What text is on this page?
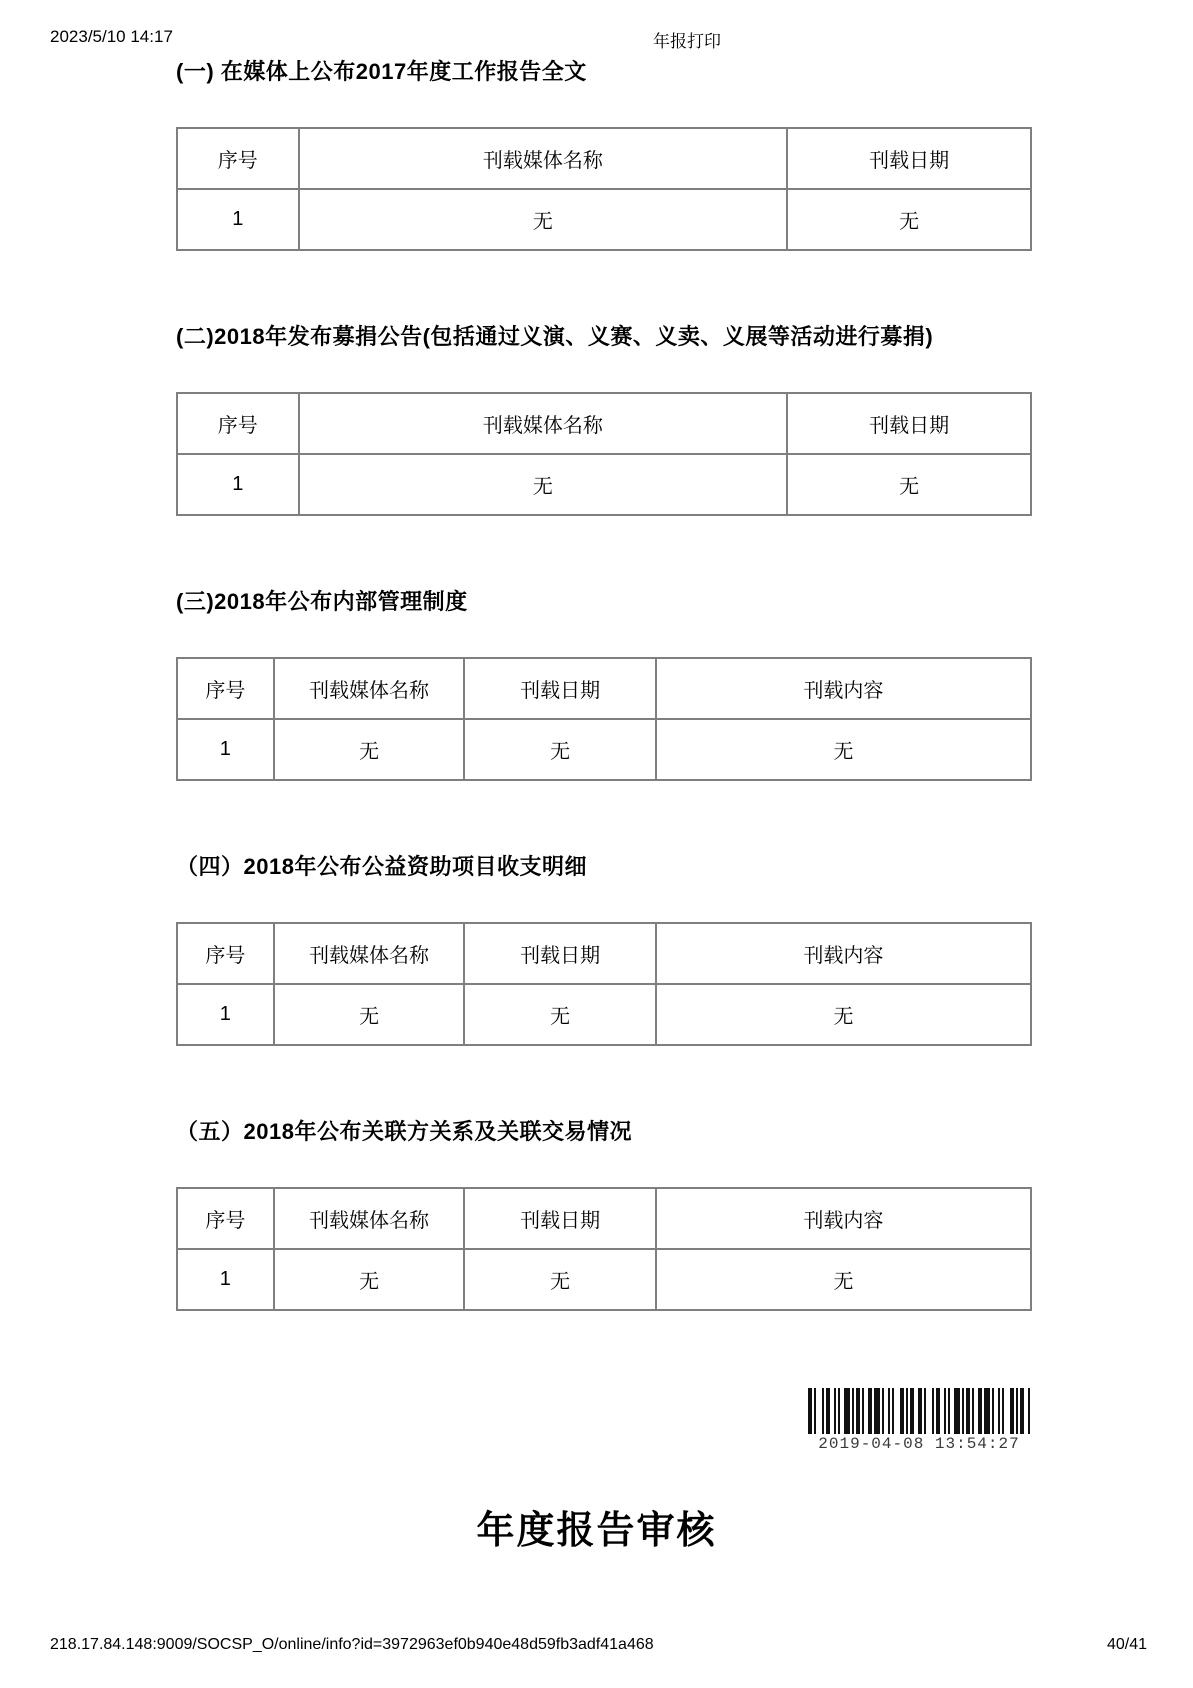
2023/5/10 14:17	年报打印
(一) 在媒体上公布2017年度工作报告全文
序号	刊载媒体名称	刊载日期
1	无	无
(二)2018年发布募捐公告(包括通过义演、义赛、义卖、义展等活动进行募捐)
序号	刊载媒体名称	刊载日期
1	无	无
(三)2018年公布内部管理制度
序号	刊载媒体名称	刊载日期	刊载内容
1	无	无	无
（四）2018年公布公益资助项目收支明细
序号	刊载媒体名称	刊载日期	刊载内容
1	无	无	无
（五）2018年公布关联方关系及关联交易情况
序号	刊载媒体名称	刊载日期	刊载内容
1	无	无	无
2019-04-08 13:54:27
年度报告审核
218.17.84.148:9009/SOCSP_O/online/info?id=3972963ef0b940e48d59fb3adf41a468	40/41
